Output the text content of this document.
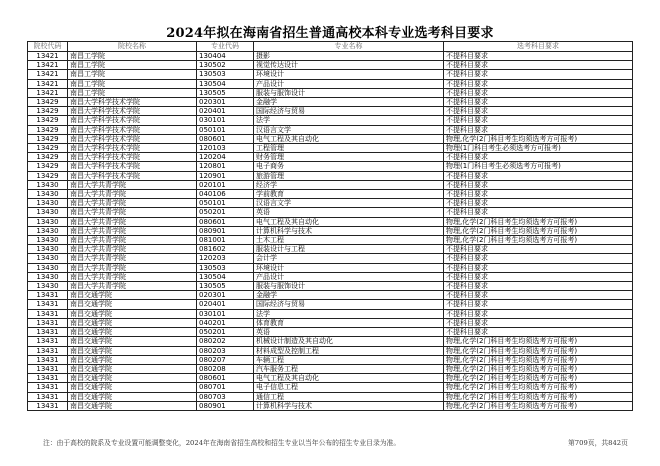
2024年拟在海南省招生普通高校本科专业选考科目要求
院校代码	院校名称	专业代码	专业名称	选考科目要求
13421	南昌工学院	130404	摄影	不提科目要求
13421	南昌工学院	130502	视觉传达设计	不提科目要求
13421	南昌工学院	130503	环境设计	不提科目要求
13421	南昌工学院	130504	产品设计	不提科目要求
13421	南昌工学院	130505	服装与服饰设计	不提科目要求
13429	南昌大学科学技术学院	020301	金融学	不提科目要求
13429	南昌大学科学技术学院	020401	国际经济与贸易	不提科目要求
13429	南昌大学科学技术学院	030101	法学	不提科目要求
13429	南昌大学科学技术学院	050101	汉语言文学	不提科目要求
13429	南昌大学科学技术学院	080601	电气工程及其自动化	物理,化学(2门科目考生均须选考方可报考)
13429	南昌大学科学技术学院	120103	工程管理	物理(1门科目考生必须选考方可报考)
13429	南昌大学科学技术学院	120204	财务管理	不提科目要求
13429	南昌大学科学技术学院	120801	电子商务	物理(1门科目考生必须选考方可报考)
13429	南昌大学科学技术学院	120901	旅游管理	不提科目要求
13430	南昌大学共青学院	020101	经济学	不提科目要求
13430	南昌大学共青学院	040106	学前教育	不提科目要求
13430	南昌大学共青学院	050101	汉语言文学	不提科目要求
13430	南昌大学共青学院	050201	英语	不提科目要求
13430	南昌大学共青学院	080601	电气工程及其自动化	物理,化学(2门科目考生均须选考方可报考)
13430	南昌大学共青学院	080901	计算机科学与技术	物理,化学(2门科目考生均须选考方可报考)
13430	南昌大学共青学院	081001	土木工程	物理,化学(2门科目考生均须选考方可报考)
13430	南昌大学共青学院	081602	服装设计与工程	不提科目要求
13430	南昌大学共青学院	120203	会计学	不提科目要求
13430	南昌大学共青学院	130503	环境设计	不提科目要求
13430	南昌大学共青学院	130504	产品设计	不提科目要求
13430	南昌大学共青学院	130505	服装与服饰设计	不提科目要求
13431	南昌交通学院	020301	金融学	不提科目要求
13431	南昌交通学院	020401	国际经济与贸易	不提科目要求
13431	南昌交通学院	030101	法学	不提科目要求
13431	南昌交通学院	040201	体育教育	不提科目要求
13431	南昌交通学院	050201	英语	不提科目要求
13431	南昌交通学院	080202	机械设计制造及其自动化	物理,化学(2门科目考生均须选考方可报考)
13431	南昌交通学院	080203	材料成型及控制工程	物理,化学(2门科目考生均须选考方可报考)
13431	南昌交通学院	080207	车辆工程	物理,化学(2门科目考生均须选考方可报考)
13431	南昌交通学院	080208	汽车服务工程	物理,化学(2门科目考生均须选考方可报考)
13431	南昌交通学院	080601	电气工程及其自动化	物理,化学(2门科目考生均须选考方可报考)
13431	南昌交通学院	080701	电子信息工程	物理,化学(2门科目考生均须选考方可报考)
13431	南昌交通学院	080703	通信工程	物理,化学(2门科目考生均须选考方可报考)
13431	南昌交通学院	080901	计算机科学与技术	物理,化学(2门科目考生均须选考方可报考)
注：由于高校的院系及专业设置可能调整变化，2024年在海南省招生高校和招生专业以当年公布的招生专业目录为准。	第709页，共842页
